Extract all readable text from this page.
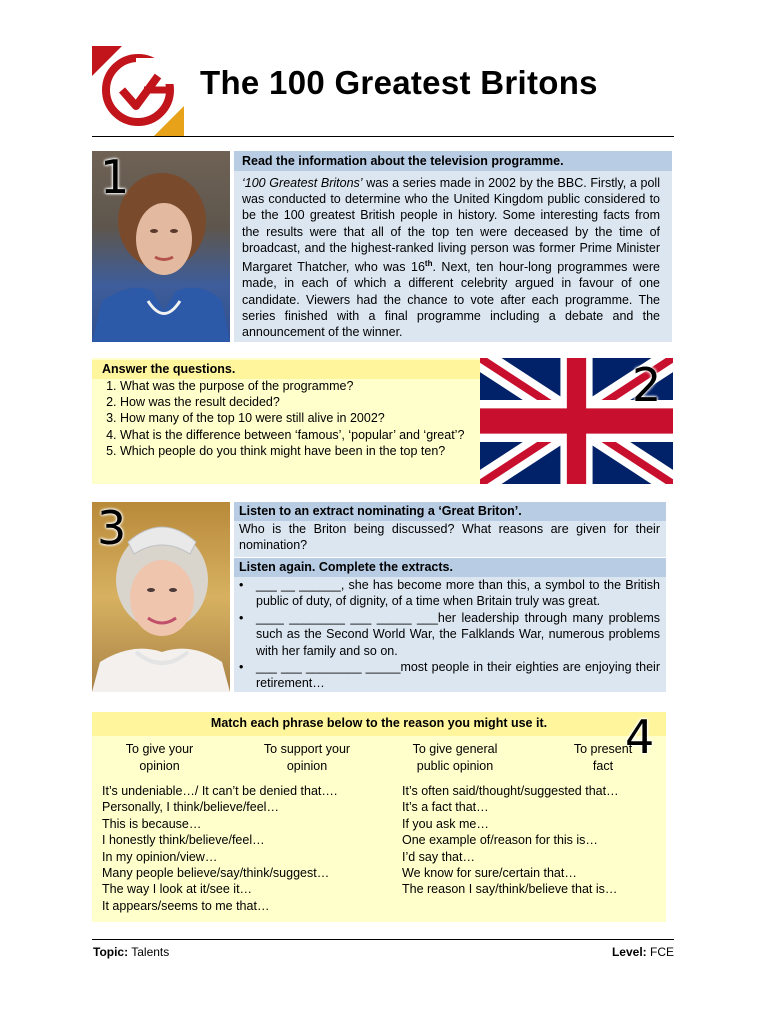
The 100 Greatest Britons
1	Read the information about the television programme.
‘100 Greatest Britons’ was a series made in 2002 by the BBC. Firstly, a poll was conducted to determine who the United Kingdom public considered to be the 100 greatest British people in history. Some interesting facts from the results were that all of the top ten were deceased by the time of broadcast, and the highest-ranked living person was former Prime Minister Margaret Thatcher, who was 16th. Next, ten hour-long programmes were made, in each of which a different celebrity argued in favour of one candidate. Viewers had the chance to vote after each programme. The series finished with a final programme including a debate and the announcement of the winner.
Answer the questions.
1. What was the purpose of the programme?
2. How was the result decided?
3. How many of the top 10 were still alive in 2002?
4. What is the difference between ‘famous’, ‘popular’ and ‘great’?
5. Which people do you think might have been in the top ten?
2
3	Listen to an extract nominating a ‘Great Briton’.
Who is the Briton being discussed? What reasons are given for their nomination?
Listen again. Complete the extracts.
• ___ __ ______, she has become more than this, a symbol to the British public of duty, of dignity, of a time when Britain truly was great.
• ____ ________ ___ _____ ___her leadership through many problems such as the Second World War, the Falklands War, numerous problems with her family and so on.
• ___ ___ ________ _____most people in their eighties are enjoying their retirement…
Match each phrase below to the reason you might use it.	4
To give your opinion
To support your opinion
To give general public opinion
To present fact
It’s undeniable…/ It can’t be denied that….
Personally, I think/believe/feel…
This is because…
I honestly think/believe/feel…
In my opinion/view…
Many people believe/say/think/suggest…
The way I look at it/see it…
It appears/seems to me that…
It’s often said/thought/suggested that…
It’s a fact that…
If you ask me…
One example of/reason for this is…
I’d say that…
We know for sure/certain that…
The reason I say/think/believe that is…
Topic: Talents	Level: FCE
